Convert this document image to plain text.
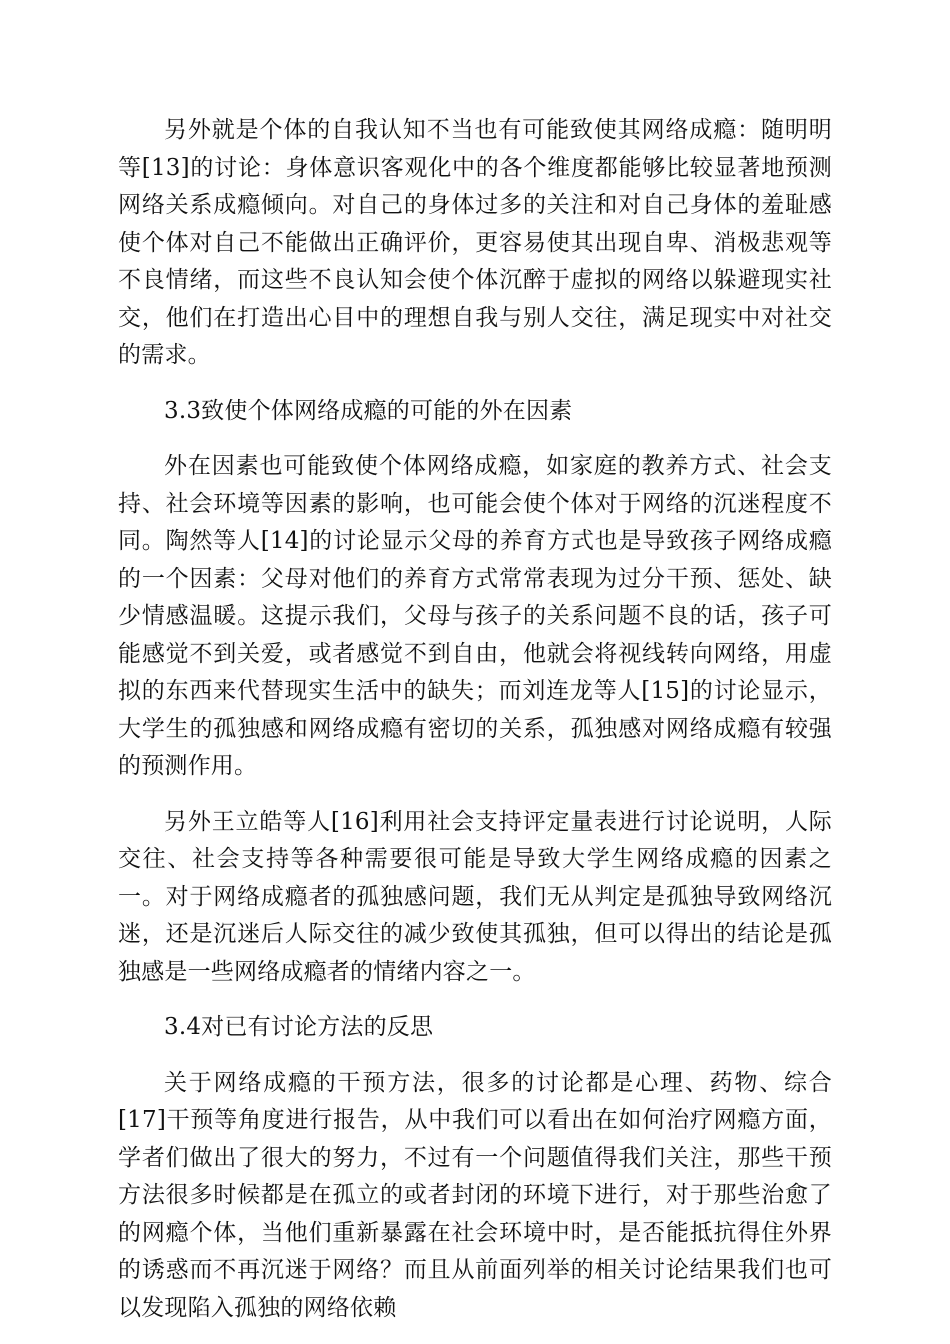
另外就是个体的自我认知不当也有可能致使其网络成瘾：随明明等[13]的讨论：身体意识客观化中的各个维度都能够比较显著地预测网络关系成瘾倾向。对自己的身体过多的关注和对自己身体的羞耻感使个体对自己不能做出正确评价，更容易使其出现自卑、消极悲观等不良情绪，而这些不良认知会使个体沉醉于虚拟的网络以躲避现实社交，他们在打造出心目中的理想自我与别人交往，满足现实中对社交的需求。

3.3致使个体网络成瘾的可能的外在因素

外在因素也可能致使个体网络成瘾，如家庭的教养方式、社会支持、社会环境等因素的影响，也可能会使个体对于网络的沉迷程度不同。陶然等人[14]的讨论显示父母的养育方式也是导致孩子网络成瘾的一个因素：父母对他们的养育方式常常表现为过分干预、惩处、缺少情感温暖。这提示我们，父母与孩子的关系问题不良的话，孩子可能感觉不到关爱，或者感觉不到自由，他就会将视线转向网络，用虚拟的东西来代替现实生活中的缺失；而刘连龙等人[15]的讨论显示，大学生的孤独感和网络成瘾有密切的关系，孤独感对网络成瘾有较强的预测作用。

另外王立皓等人[16]利用社会支持评定量表进行讨论说明，人际交往、社会支持等各种需要很可能是导致大学生网络成瘾的因素之一。对于网络成瘾者的孤独感问题，我们无从判定是孤独导致网络沉迷，还是沉迷后人际交往的减少致使其孤独，但可以得出的结论是孤独感是一些网络成瘾者的情绪内容之一。

3.4对已有讨论方法的反思

关于网络成瘾的干预方法，很多的讨论都是心理、药物、综合[17]干预等角度进行报告，从中我们可以看出在如何治疗网瘾方面，学者们做出了很大的努力，不过有一个问题值得我们关注，那些干预方法很多时候都是在孤立的或者封闭的环境下进行，对于那些治愈了的网瘾个体，当他们重新暴露在社会环境中时，是否能抵抗得住外界的诱惑而不再沉迷于网络？而且从前面列举的相关讨论结果我们也可以发现陷入孤独的网络依赖
